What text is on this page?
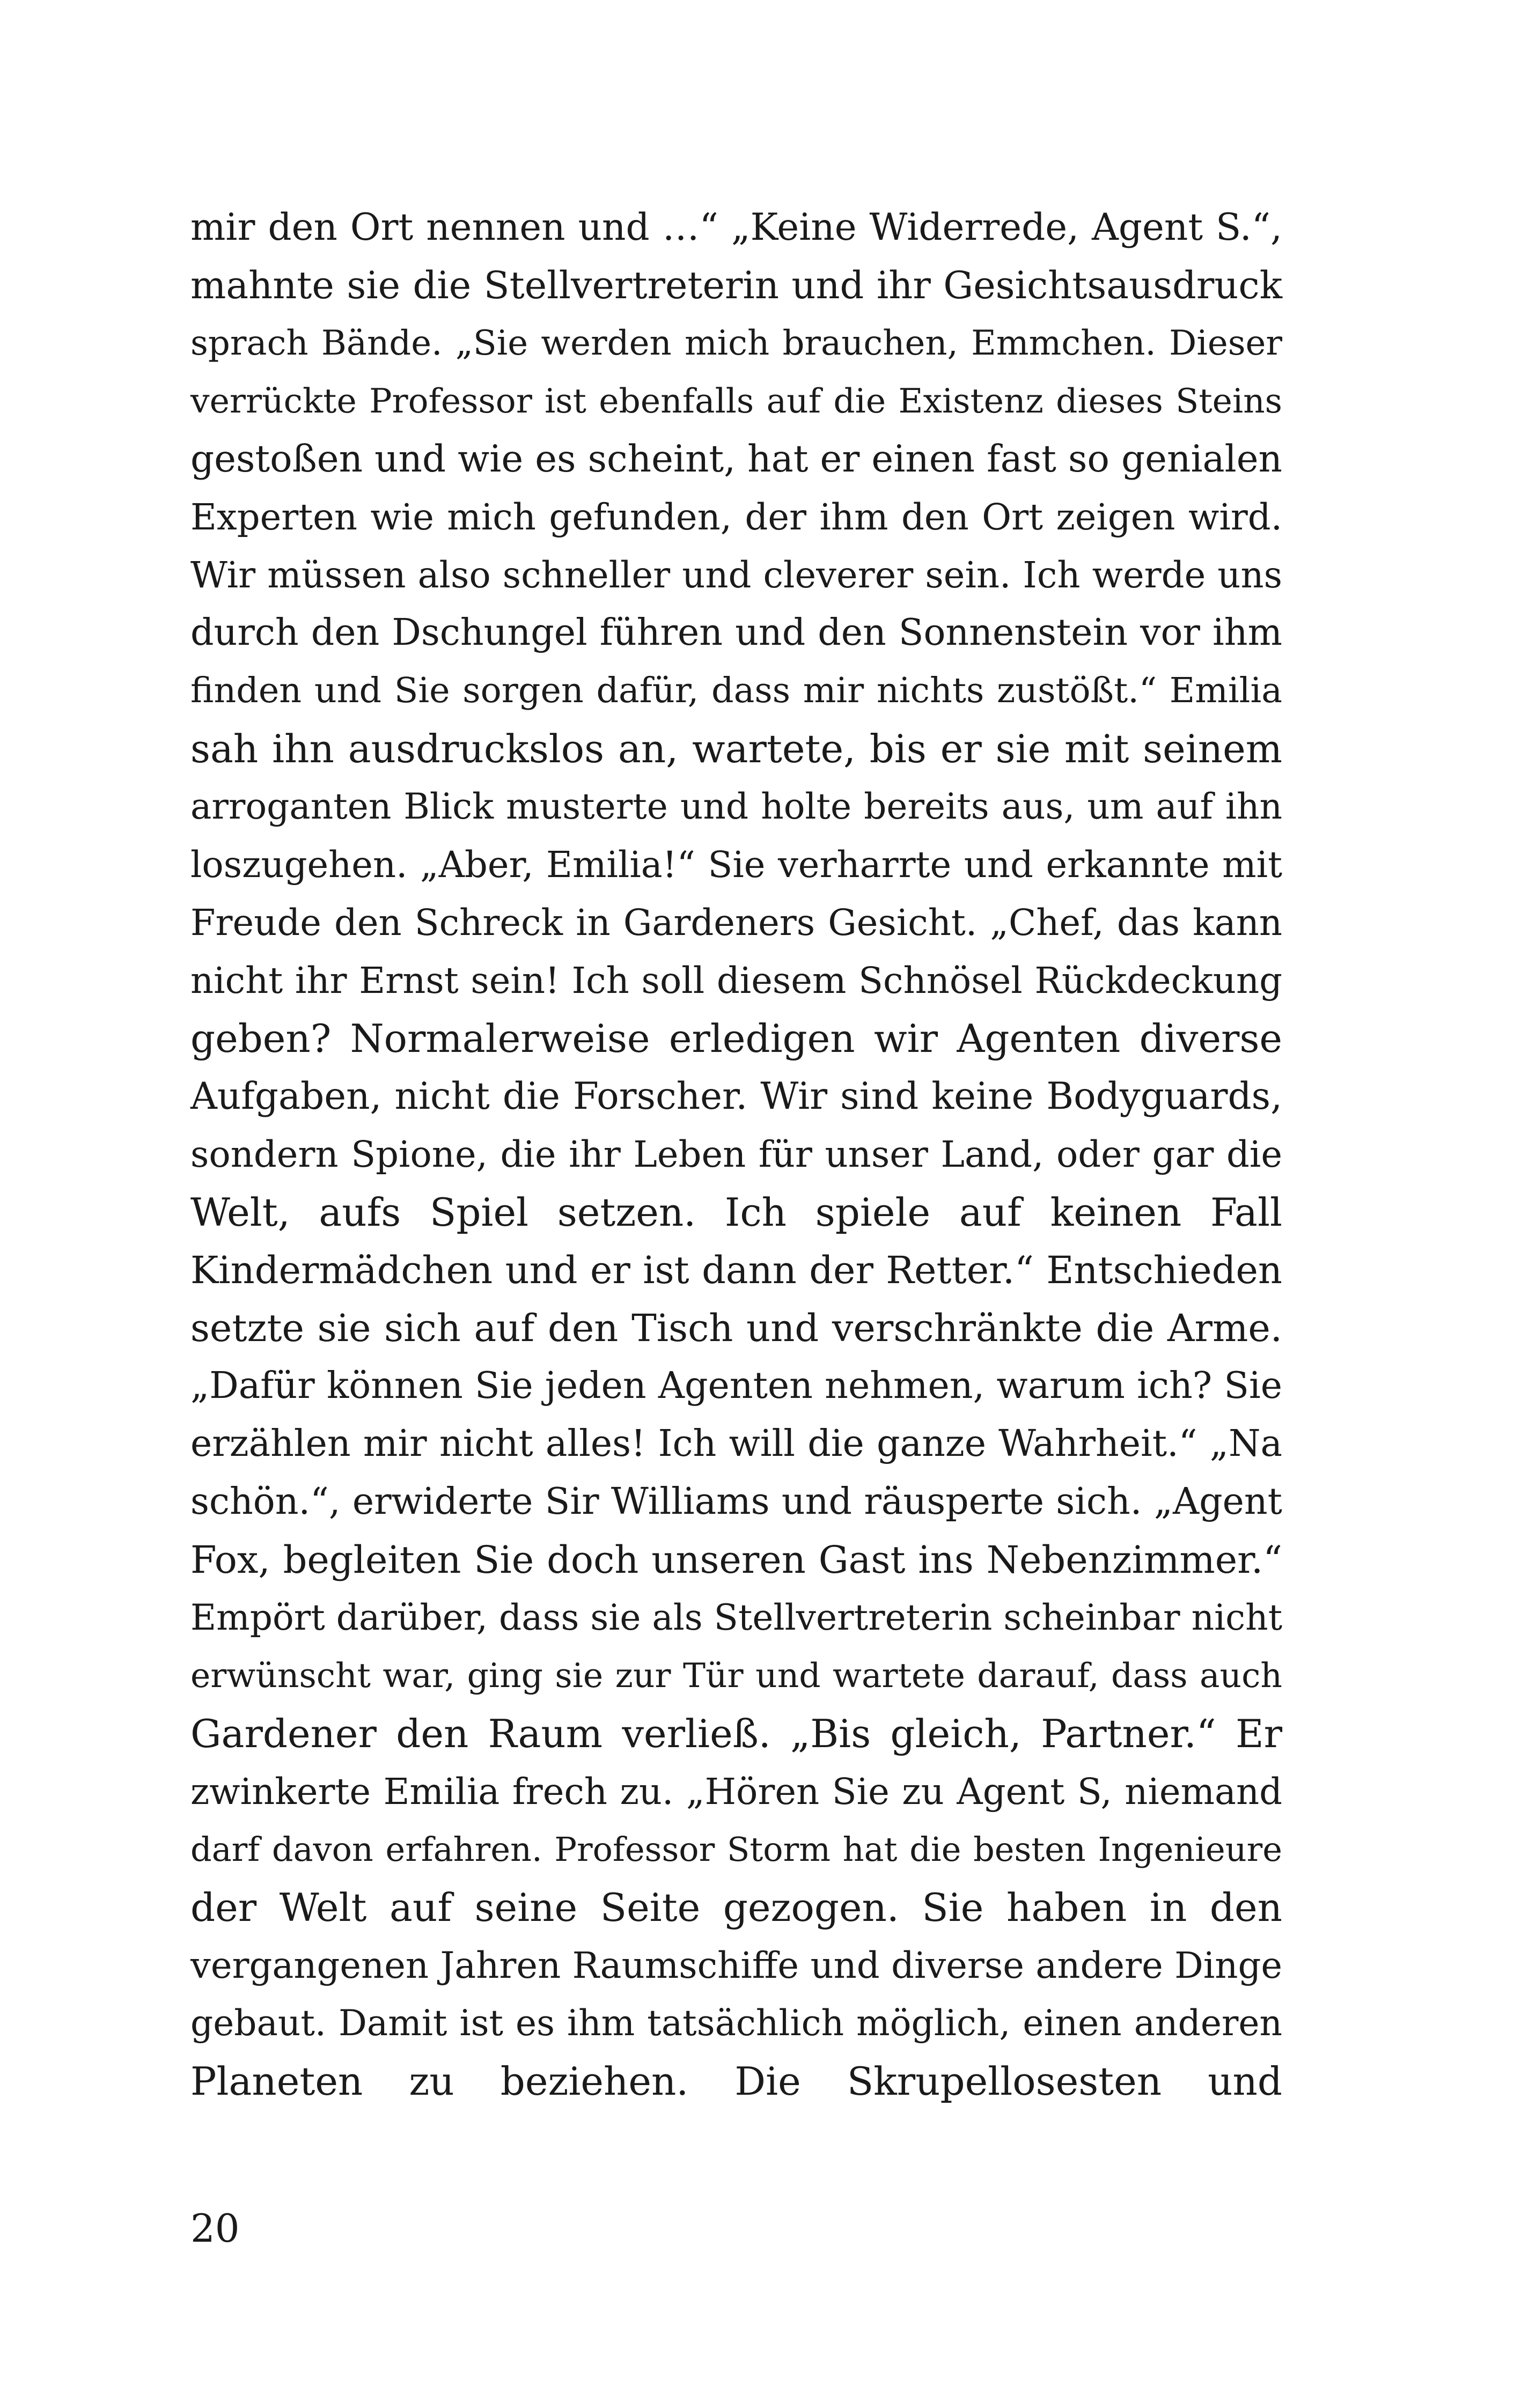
mir den Ort nennen und …“ „Keine Widerrede, Agent S.“,
mahnte sie die Stellvertreterin und ihr Gesichtsausdruck
sprach Bände. „Sie werden mich brauchen, Emmchen. Dieser
verrückte Professor ist ebenfalls auf die Existenz dieses Steins
gestoßen und wie es scheint, hat er einen fast so genialen
Experten wie mich gefunden, der ihm den Ort zeigen wird.
Wir müssen also schneller und cleverer sein. Ich werde uns
durch den Dschungel führen und den Sonnenstein vor ihm
finden und Sie sorgen dafür, dass mir nichts zustößt.“ Emilia
sah ihn ausdruckslos an, wartete, bis er sie mit seinem
arroganten Blick musterte und holte bereits aus, um auf ihn
loszugehen. „Aber, Emilia!“ Sie verharrte und erkannte mit
Freude den Schreck in Gardeners Gesicht. „Chef, das kann
nicht ihr Ernst sein! Ich soll diesem Schnösel Rückdeckung
geben? Normalerweise erledigen wir Agenten diverse
Aufgaben, nicht die Forscher. Wir sind keine Bodyguards,
sondern Spione, die ihr Leben für unser Land, oder gar die
Welt, aufs Spiel setzen. Ich spiele auf keinen Fall
Kindermädchen und er ist dann der Retter.“ Entschieden
setzte sie sich auf den Tisch und verschränkte die Arme.
„Dafür können Sie jeden Agenten nehmen, warum ich? Sie
erzählen mir nicht alles! Ich will die ganze Wahrheit.“ „Na
schön.“, erwiderte Sir Williams und räusperte sich. „Agent
Fox, begleiten Sie doch unseren Gast ins Nebenzimmer.“
Empört darüber, dass sie als Stellvertreterin scheinbar nicht
erwünscht war, ging sie zur Tür und wartete darauf, dass auch
Gardener den Raum verließ. „Bis gleich, Partner.“ Er
zwinkerte Emilia frech zu. „Hören Sie zu Agent S, niemand
darf davon erfahren. Professor Storm hat die besten Ingenieure
der Welt auf seine Seite gezogen. Sie haben in den
vergangenen Jahren Raumschiffe und diverse andere Dinge
gebaut. Damit ist es ihm tatsächlich möglich, einen anderen
Planeten zu beziehen. Die Skrupellosesten und
20
